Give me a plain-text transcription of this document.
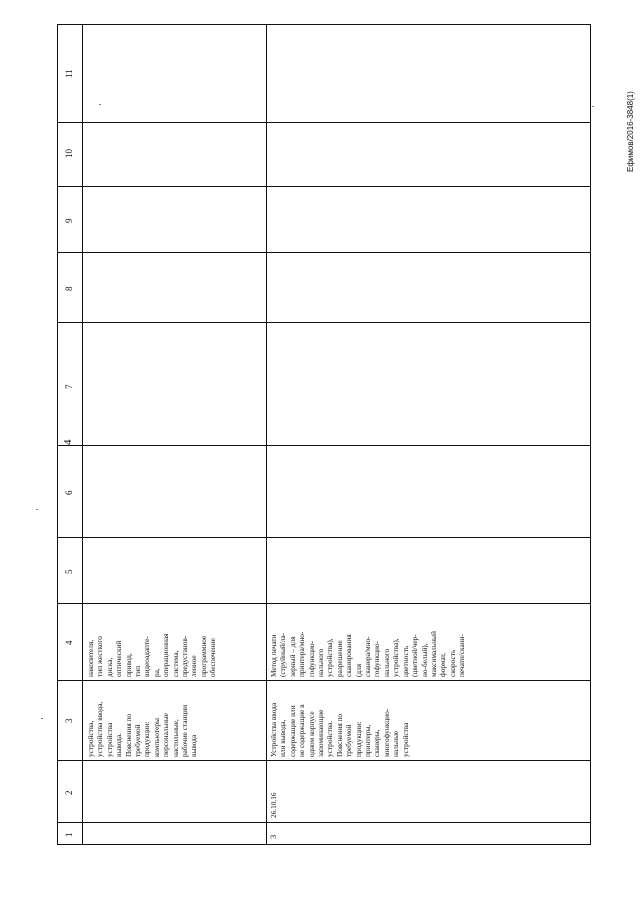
4
Ефимов/2016-3848(1)
11
10
9
8
7
6
5
4
3
2
1
устройства, устройства ввода, устройства вывода. Пояснения по требуемой продукции: компьютеры персональные настольные, рабочие станции вывода
накопителя, тип жесткого диска, оптический привод, тип видеоадапте- ра, операционная система, предустанов- ленное программное обеспечение
3
26.10.16
Устройства ввода или вывода, содержащие или не содержащие в одном корпусе запоминающие устройства. Пояснения по требуемой продукции: принтеры, сканеры, многофункцио- нальные устройства
Метод печати (струйный/ла- зерный – для принтера/мно- гофункцио- нального устройства), разрешение сканирования (для сканера/мно- гофункцио- нального устройства), цветность (цветной/чер- но-белый), максимальный формат, скорость печати/скани-
